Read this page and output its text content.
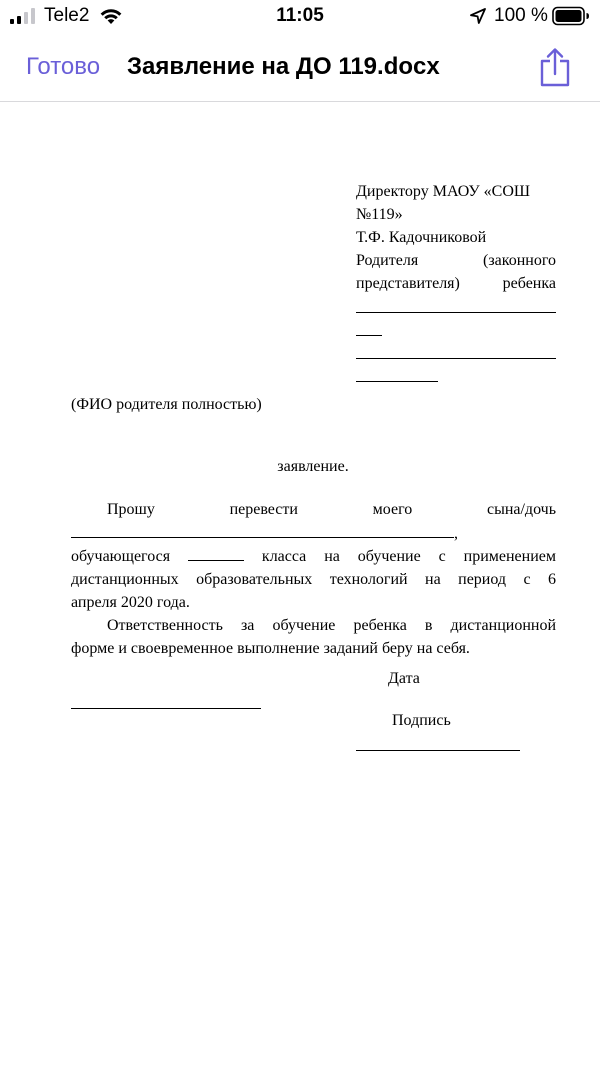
Tele2	11:05	100 %
Готово Заявление на ДО 119.docx
Директору МАОУ «СОШ
№119»
Т.Ф. Кадочниковой
Родителя (законного
представителя) ребенка
(ФИО родителя полностью)
заявление.
Прошу перевести моего сына/дочь
,
обучающегося	класса на обучение с применением
дистанционных образовательных технологий на период с 6
апреля 2020 года.
Ответственность за обучение ребенка в дистанционной
форме и своевременное выполнение заданий беру на себя.
Дата
Подпись
